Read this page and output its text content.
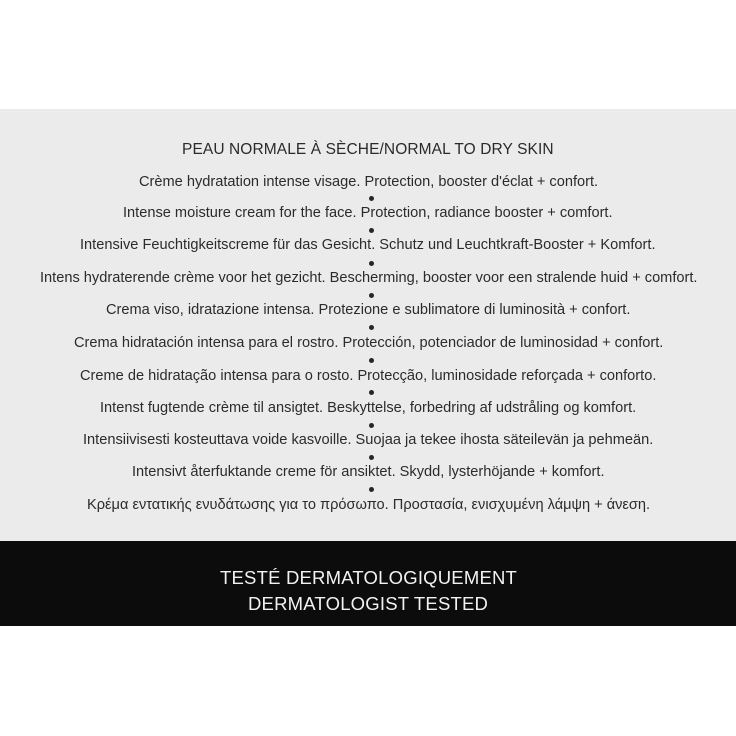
PEAU NORMALE À SÈCHE/NORMAL TO DRY SKIN
Crème hydratation intense visage. Protection, booster d'éclat + confort.
Intense moisture cream for the face. Protection, radiance booster + comfort.
Intensive Feuchtigkeitscreme für das Gesicht. Schutz und Leuchtkraft-Booster + Komfort.
Intens hydraterende crème voor het gezicht. Bescherming, booster voor een stralende huid + comfort.
Crema viso, idratazione intensa. Protezione e sublimatore di luminosità + confort.
Crema hidratación intensa para el rostro. Protección, potenciador de luminosidad + confort.
Creme de hidratação intensa para o rosto. Protecção, luminosidade reforçada + conforto.
Intenst fugtende crème til ansigtet. Beskyttelse, forbedring af udstråling og komfort.
Intensiivisesti kosteuttava voide kasvoille. Suojaa ja tekee ihosta säteilevän ja pehmeän.
Intensivt återfuktande creme för ansiktet. Skydd, lysterhöjande + komfort.
Κρέμα εντατικής ενυδάτωσης για το πρόσωπο. Προστασία, ενισχυμένη λάμψη + άνεση.
TESTÉ DERMATOLOGIQUEMENT
DERMATOLOGIST TESTED
